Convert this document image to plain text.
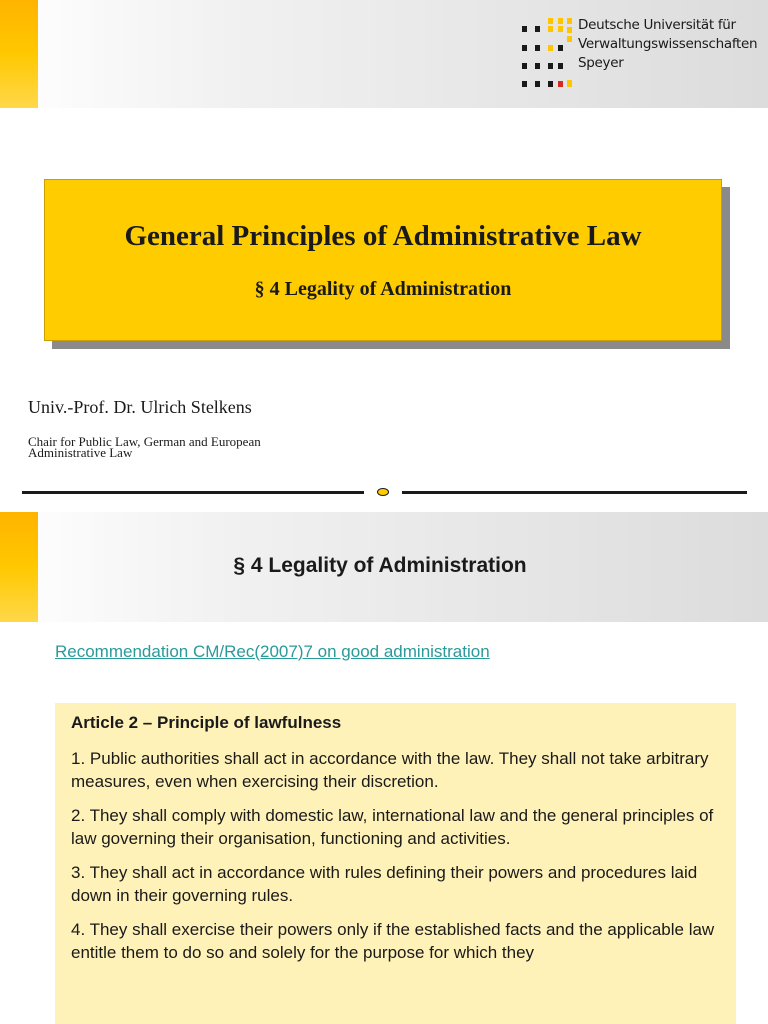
Deutsche Universität für
Verwaltungswissenschaften
Speyer
General Principles of Administrative Law
§ 4 Legality of Administration
Univ.-Prof. Dr. Ulrich Stelkens
Chair for Public Law, German and European Administrative Law
§ 4 Legality of Administration
Recommendation CM/Rec(2007)7 on good administration
Article 2 – Principle of lawfulness
1. Public authorities shall act in accordance with the law. They shall not take arbitrary measures, even when exercising their discretion.
2. They shall comply with domestic law, international law and the general principles of law governing their organisation, functioning and activities.
3. They shall act in accordance with rules defining their powers and procedures laid down in their governing rules.
4. They shall exercise their powers only if the established facts and the applicable law entitle them to do so and solely for the purpose for which they
